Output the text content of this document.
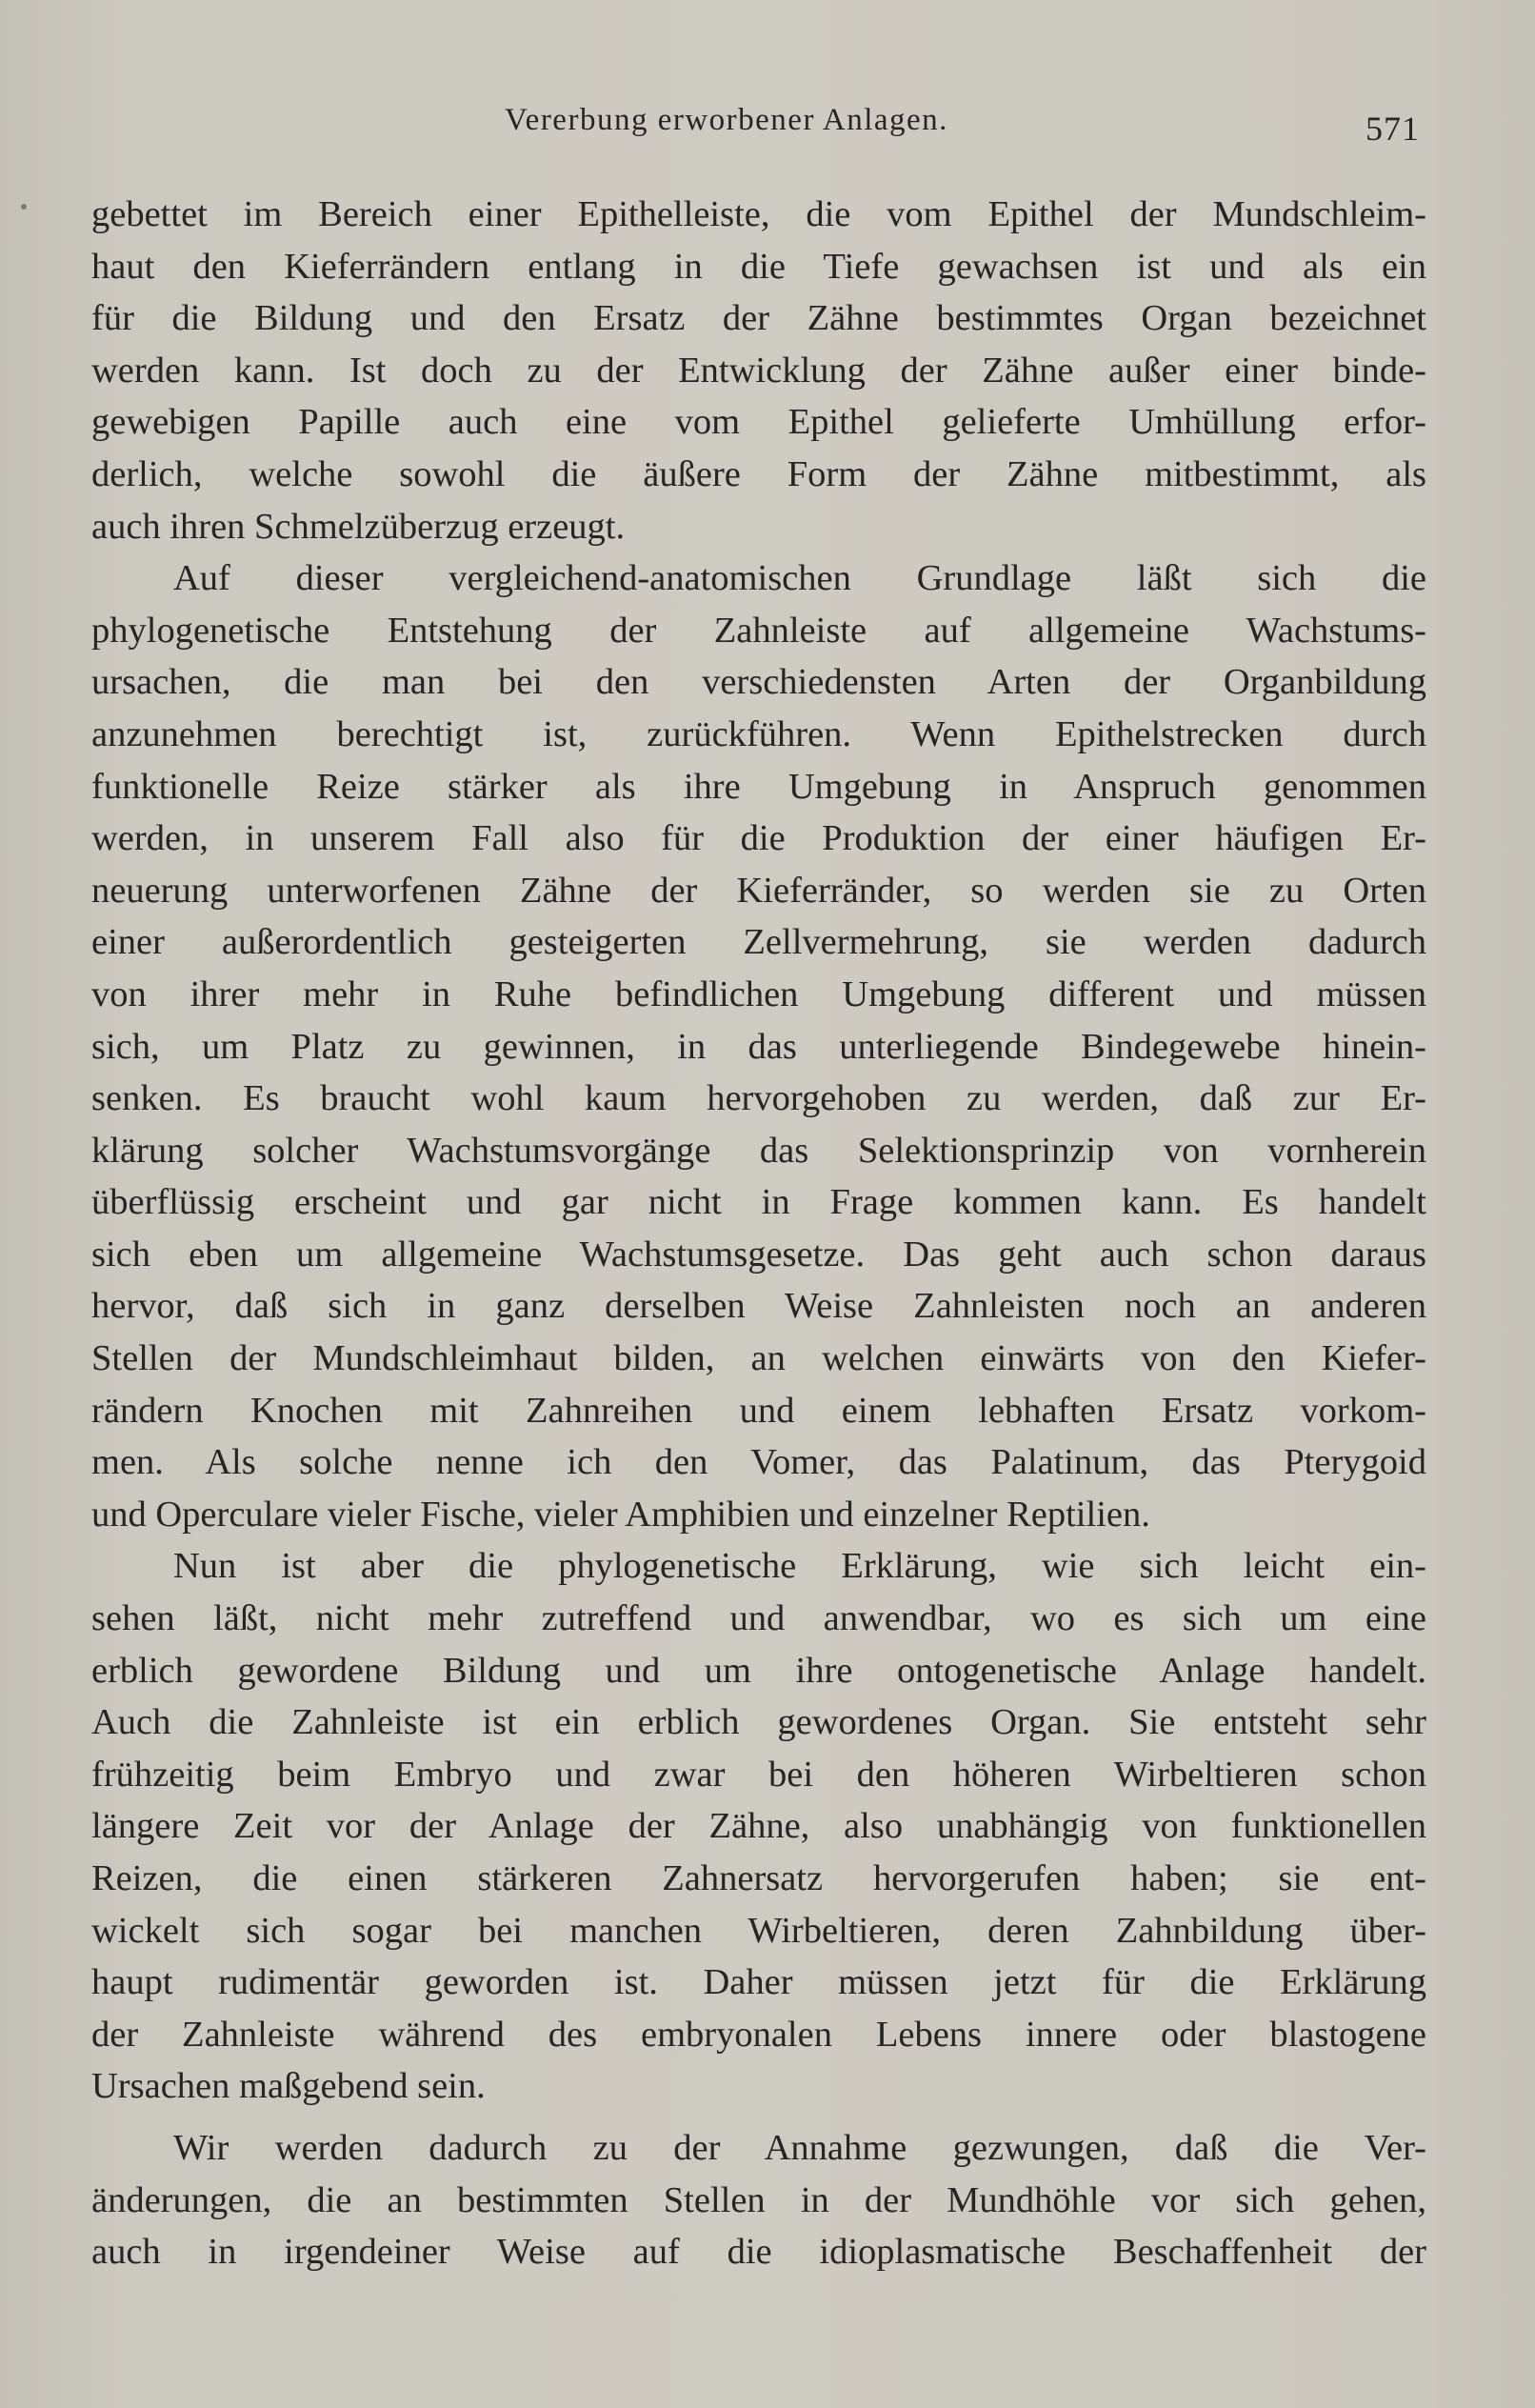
Vererbung erworbener Anlagen.	571
gebettet im Bereich einer Epithelleiste, die vom Epithel der Mundschleim-
haut den Kieferrändern entlang in die Tiefe gewachsen ist und als ein
für die Bildung und den Ersatz der Zähne bestimmtes Organ bezeichnet
werden kann. Ist doch zu der Entwicklung der Zähne außer einer binde-
gewebigen Papille auch eine vom Epithel gelieferte Umhüllung erfor-
derlich, welche sowohl die äußere Form der Zähne mitbestimmt, als
auch ihren Schmelzüberzug erzeugt.
Auf dieser vergleichend-anatomischen Grundlage läßt sich die
phylogenetische Entstehung der Zahnleiste auf allgemeine Wachstums-
ursachen, die man bei den verschiedensten Arten der Organbildung
anzunehmen berechtigt ist, zurückführen. Wenn Epithelstrecken durch
funktionelle Reize stärker als ihre Umgebung in Anspruch genommen
werden, in unserem Fall also für die Produktion der einer häufigen Er-
neuerung unterworfenen Zähne der Kieferränder, so werden sie zu Orten
einer außerordentlich gesteigerten Zellvermehrung, sie werden dadurch
von ihrer mehr in Ruhe befindlichen Umgebung different und müssen
sich, um Platz zu gewinnen, in das unterliegende Bindegewebe hinein-
senken. Es braucht wohl kaum hervorgehoben zu werden, daß zur Er-
klärung solcher Wachstumsvorgänge das Selektionsprinzip von vornherein
überflüssig erscheint und gar nicht in Frage kommen kann. Es handelt
sich eben um allgemeine Wachstumsgesetze. Das geht auch schon daraus
hervor, daß sich in ganz derselben Weise Zahnleisten noch an anderen
Stellen der Mundschleimhaut bilden, an welchen einwärts von den Kiefer-
rändern Knochen mit Zahnreihen und einem lebhaften Ersatz vorkom-
men. Als solche nenne ich den Vomer, das Palatinum, das Pterygoid
und Operculare vieler Fische, vieler Amphibien und einzelner Reptilien.
Nun ist aber die phylogenetische Erklärung, wie sich leicht ein-
sehen läßt, nicht mehr zutreffend und anwendbar, wo es sich um eine
erblich gewordene Bildung und um ihre ontogenetische Anlage handelt.
Auch die Zahnleiste ist ein erblich gewordenes Organ. Sie entsteht sehr
frühzeitig beim Embryo und zwar bei den höheren Wirbeltieren schon
längere Zeit vor der Anlage der Zähne, also unabhängig von funktionellen
Reizen, die einen stärkeren Zahnersatz hervorgerufen haben; sie ent-
wickelt sich sogar bei manchen Wirbeltieren, deren Zahnbildung über-
haupt rudimentär geworden ist. Daher müssen jetzt für die Erklärung
der Zahnleiste während des embryonalen Lebens innere oder blastogene
Ursachen maßgebend sein.
Wir werden dadurch zu der Annahme gezwungen, daß die Ver-
änderungen, die an bestimmten Stellen in der Mundhöhle vor sich gehen,
auch in irgendeiner Weise auf die idioplasmatische Beschaffenheit der
